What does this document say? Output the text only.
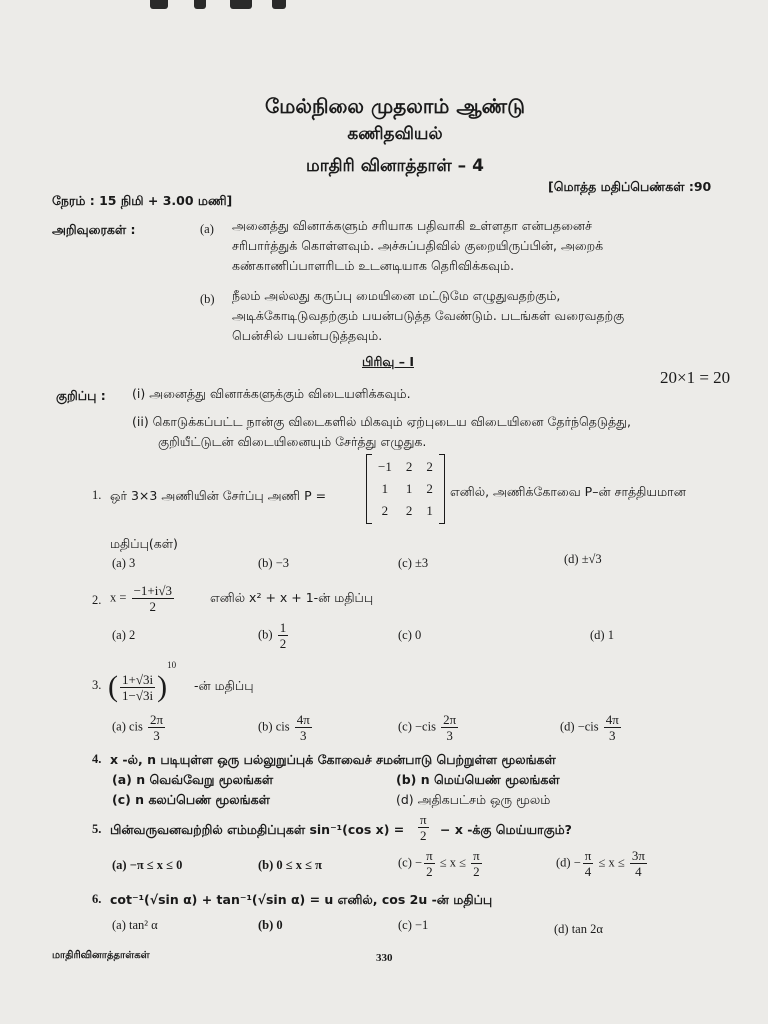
மேல்நிலை முதலாம் ஆண்டு
கணிதவியல்
மாதிரி வினாத்தாள் – 4
நேரம் : 15 நிமி + 3.00 மணி]
[மொத்த மதிப்பெண்கள் :90
அறிவுரைகள் :	(a) அனைத்து வினாக்களும் சரியாக பதிவாகி உள்ளதா என்பதனைச்
சரிபார்த்துக் கொள்ளவும். அச்சுப்பதிவில் குறையிருப்பின், அறைக்
கண்காணிப்பாளரிடம் உடனடியாக தெரிவிக்கவும்.
(b) நீலம் அல்லது கருப்பு மையினை மட்டுமே எழுதுவதற்கும்,
அடிக்கோடிடுவதற்கும் பயன்படுத்த வேண்டும். படங்கள் வரைவதற்கு
பென்சில் பயன்படுத்தவும்.
பிரிவு – I
20×1 = 20
குறிப்பு : (i) அனைத்து வினாக்களுக்கும் விடையளிக்கவும்.
(ii) கொடுக்கப்பட்ட நான்கு விடைகளில் மிகவும் ஏற்புடைய விடையினை தேர்ந்தெடுத்து,
குறியீட்டுடன் விடையினையும் சேர்த்து எழுதுக.
1. ஒர் 3×3 அணியின் சேர்ப்பு அணி P =
−1	2	2
1	1	2
2	2	1
எனில், அணிக்கோவை P–ன் சாத்தியமான
மதிப்பு(கள்)
(a) 3	(b) −3	(c) ±3	(d) ±√3
2. $x = \frac{-1+i√3}{2}$	எனில் x² + x + 1-ன் மதிப்பு
(a) 2	$(b) \frac{1}{2}$	(c) 0	(d) 1
3. ( $\frac{1+√3i}{1-√3i} )^{10}$
-ன் மதிப்பு
(a) cis $\frac{2\pi}{3}$	(b) cis $\frac{4\pi}{3}$	$(c) -cis \frac{2\pi}{3}$	$(d) -cis \frac{4\pi}{3}$
4. x -ல், n படியுள்ள ஒரு பல்லுறுப்புக் கோவைச் சமன்பாடு பெற்றுள்ள மூலங்கள்
(a) n வெவ்வேறு மூலங்கள்	(b) n மெய்யெண் மூலங்கள்
(c) n கலப்பெண் மூலங்கள்	(d) அதிகபட்சம் ஒரு மூலம்
5. பின்வருவனவற்றில் எம்மதிப்புகள் sin⁻¹(cos $x) = \frac{\pi}{2} - x$ -க்கு மெய்யாகும்?
(a) −π ≤ x ≤ 0	(b) 0 ≤ x ≤ π	$(c) - \frac{\pi}{2} \le x \le \frac{\pi}{2}$	$(d) - \frac{\pi}{4} \le x \le \frac{3\pi}{4}$
6. cot⁻¹(√sin α) + tan⁻¹(√sin α) = u எனில், cos 2u -ன் மதிப்பு
(a) tan² α	(b) 0	(c) −1	(d) tan 2α
மாதிரிவினாத்தாள்கள்	330
